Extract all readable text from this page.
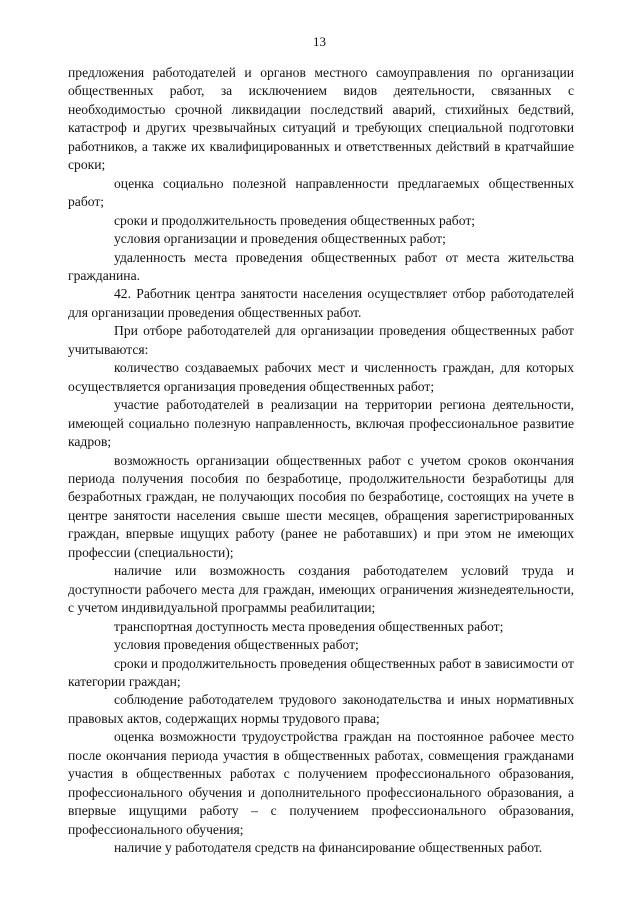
13

предложения работодателей и органов местного самоуправления по организации общественных работ, за исключением видов деятельности, связанных с необходимостью срочной ликвидации последствий аварий, стихийных бедствий, катастроф и других чрезвычайных ситуаций и требующих специальной подготовки работников, а также их квалифицированных и ответственных действий в кратчайшие сроки;

оценка социально полезной направленности предлагаемых общественных работ;

сроки и продолжительность проведения общественных работ;

условия организации и проведения общественных работ;

удаленность места проведения общественных работ от места жительства гражданина.

42. Работник центра занятости населения осуществляет отбор работодателей для организации проведения общественных работ.

При отборе работодателей для организации проведения общественных работ учитываются:

количество создаваемых рабочих мест и численность граждан, для которых осуществляется организация проведения общественных работ;

участие работодателей в реализации на территории региона деятельности, имеющей социально полезную направленность, включая профессиональное развитие кадров;

возможность организации общественных работ с учетом сроков окончания периода получения пособия по безработице, продолжительности безработицы для безработных граждан, не получающих пособия по безработице, состоящих на учете в центре занятости населения свыше шести месяцев, обращения зарегистрированных граждан, впервые ищущих работу (ранее не работавших) и при этом не имеющих профессии (специальности);

наличие или возможность создания работодателем условий труда и доступности рабочего места для граждан, имеющих ограничения жизнедеятельности, с учетом индивидуальной программы реабилитации;

транспортная доступность места проведения общественных работ;

условия проведения общественных работ;

сроки и продолжительность проведения общественных работ в зависимости от категории граждан;

соблюдение работодателем трудового законодательства и иных нормативных правовых актов, содержащих нормы трудового права;

оценка возможности трудоустройства граждан на постоянное рабочее место после окончания периода участия в общественных работах, совмещения гражданами участия в общественных работах с получением профессионального образования, профессионального обучения и дополнительного профессионального образования, а впервые ищущими работу – с получением профессионального образования, профессионального обучения;

наличие у работодателя средств на финансирование общественных работ.
